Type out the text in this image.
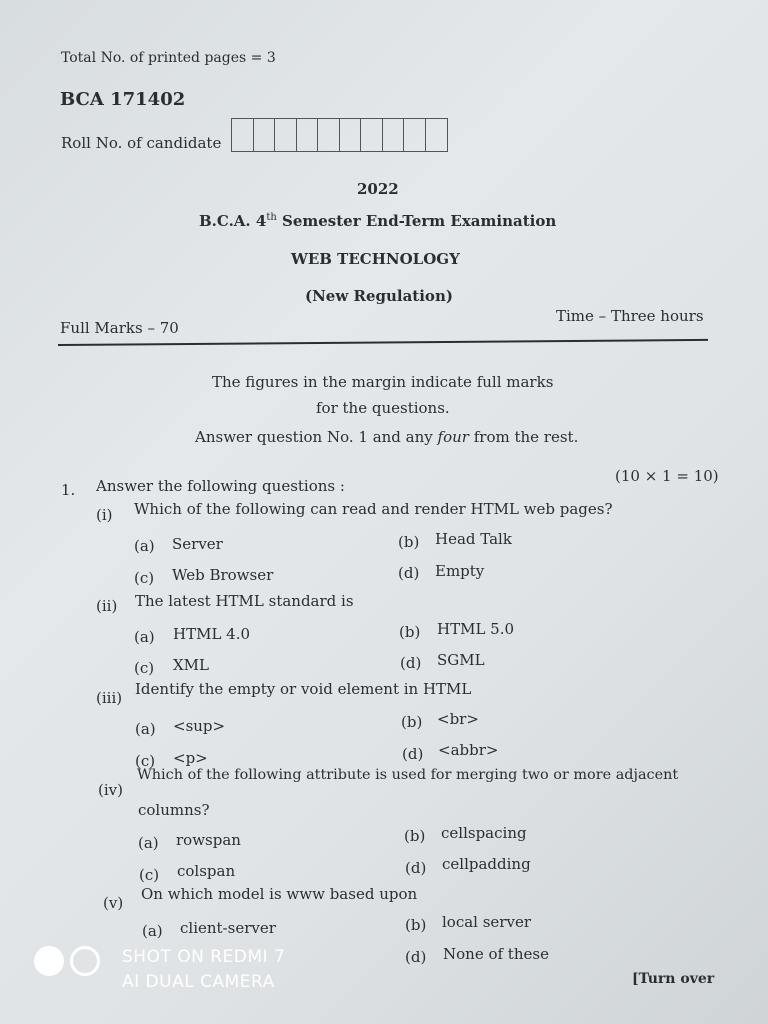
Total No. of printed pages = 3
BCA 171402
Roll No. of candidate
2022
B.C.A. 4th Semester End-Term Examination
WEB TECHNOLOGY
(New Regulation)
Full Marks – 70
Time – Three hours
The figures in the margin indicate full marks
for the questions.
Answer question No. 1 and any four from the rest.
1. Answer the following questions :
(10 × 1 = 10)
(i) Which of the following can read and render HTML web pages?
(a) Server	(b) Head Talk
(c) Web Browser	(d) Empty
(ii) The latest HTML standard is
(a) HTML 4.0	(b) HTML 5.0
(c) XML	(d) SGML
(iii) Identify the empty or void element in HTML
(a) <sup>	(b) <br>
(c) <p>	(d) <abbr>
(iv)
Which of the following attribute is used for merging two or more adjacent
columns?
(a) rowspan	(b) cellspacing
(c) colspan	(d) cellpadding
(v) On which model is www based upon
(a) client-server	(b) local server
(d) None of these
[Turn over
SHOT ON REDMI 7
AI DUAL CAMERA
